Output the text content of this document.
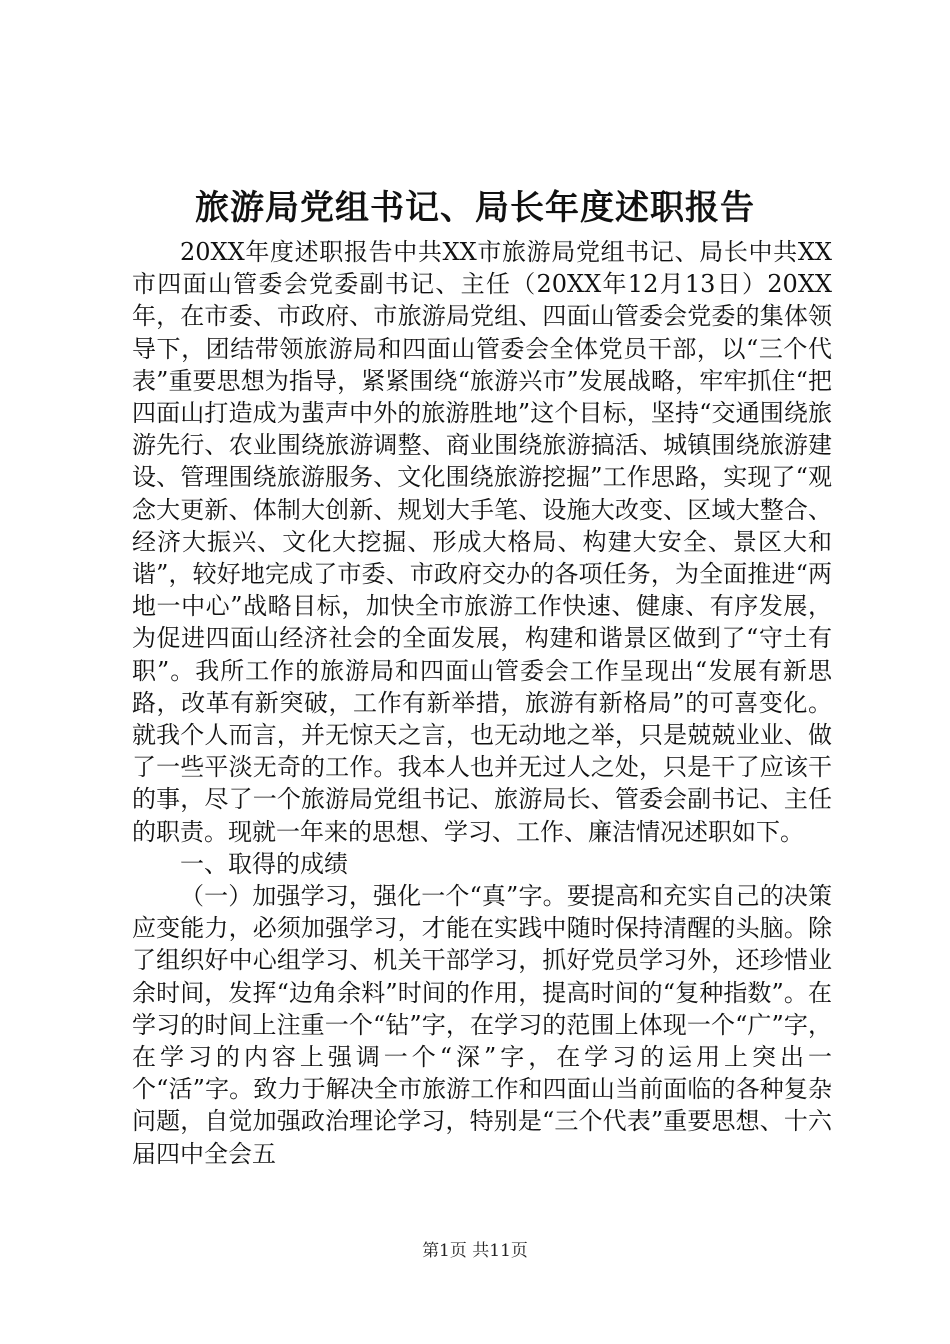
旅游局党组书记、局长年度述职报告

20XX年度述职报告中共XX市旅游局党组书记、局长中共XX市四面山管委会党委副书记、主任（20XX年12月13日）20XX年，在市委、市政府、市旅游局党组、四面山管委会党委的集体领导下，团结带领旅游局和四面山管委会全体党员干部，以“三个代表”重要思想为指导，紧紧围绕“旅游兴市”发展战略，牢牢抓住“把四面山打造成为蜚声中外的旅游胜地”这个目标，坚持“交通围绕旅游先行、农业围绕旅游调整、商业围绕旅游搞活、城镇围绕旅游建设、管理围绕旅游服务、文化围绕旅游挖掘”工作思路，实现了“观念大更新、体制大创新、规划大手笔、设施大改变、区域大整合、经济大振兴、文化大挖掘、形成大格局、构建大安全、景区大和谐”，较好地完成了市委、市政府交办的各项任务，为全面推进“两地一中心”战略目标，加快全市旅游工作快速、健康、有序发展，为促进四面山经济社会的全面发展，构建和谐景区做到了“守土有职”。我所工作的旅游局和四面山管委会工作呈现出“发展有新思路，改革有新突破，工作有新举措，旅游有新格局”的可喜变化。就我个人而言，并无惊天之言，也无动地之举，只是兢兢业业、做了一些平淡无奇的工作。我本人也并无过人之处，只是干了应该干的事，尽了一个旅游局党组书记、旅游局长、管委会副书记、主任的职责。现就一年来的思想、学习、工作、廉洁情况述职如下。

一、取得的成绩

（一）加强学习，强化一个“真”字。要提高和充实自己的决策应变能力，必须加强学习，才能在实践中随时保持清醒的头脑。除了组织好中心组学习、机关干部学习，抓好党员学习外，还珍惜业余时间，发挥“边角余料”时间的作用，提高时间的“复种指数”。在学习的时间上注重一个“钻”字，在学习的范围上体现一个“广”字，在学习的内容上强调一个“深”字，在学习的运用上突出一个“活”字。致力于解决全市旅游工作和四面山当前面临的各种复杂问题，自觉加强政治理论学习，特别是“三个代表”重要思想、十六届四中全会五

第1页 共11页
